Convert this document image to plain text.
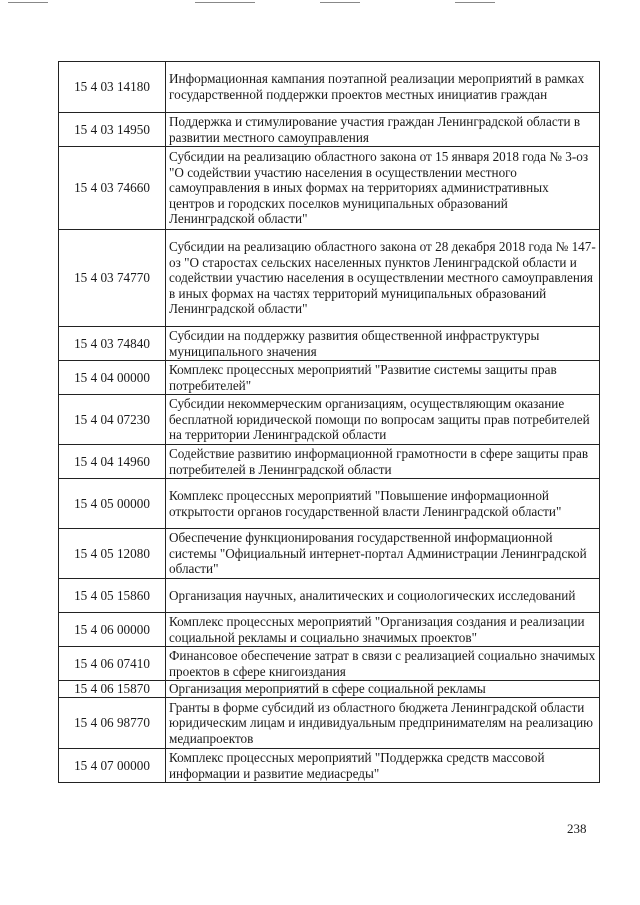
15 4 03 14180	Информационная кампания поэтапной реализации мероприятий в рамках государственной поддержки проектов местных инициатив граждан
15 4 03 14950	Поддержка и стимулирование участия граждан Ленинградской области в развитии местного самоуправления
15 4 03 74660	Субсидии на реализацию областного закона от 15 января 2018 года № 3-оз "О содействии участию населения в осуществлении местного самоуправления в иных формах на территориях административных центров и городских поселков муниципальных образований Ленинградской области"
15 4 03 74770	Субсидии на реализацию областного закона от 28 декабря 2018 года № 147-оз "О старостах сельских населенных пунктов Ленинградской области и содействии участию населения в осуществлении местного самоуправления в иных формах на частях территорий муниципальных образований Ленинградской области"
15 4 03 74840	Субсидии на поддержку развития общественной инфраструктуры муниципального значения
15 4 04 00000	Комплекс процессных мероприятий "Развитие системы защиты прав потребителей"
15 4 04 07230	Субсидии некоммерческим организациям, осуществляющим оказание бесплатной юридической помощи по вопросам защиты прав потребителей на территории Ленинградской области
15 4 04 14960	Содействие развитию информационной грамотности в сфере защиты прав потребителей в Ленинградской области
15 4 05 00000	Комплекс процессных мероприятий "Повышение информационной открытости органов государственной власти Ленинградской области"
15 4 05 12080	Обеспечение функционирования государственной информационной системы "Официальный интернет-портал Администрации Ленинградской области"
15 4 05 15860	Организация научных, аналитических и социологических исследований
15 4 06 00000	Комплекс процессных мероприятий "Организация создания и реализации социальной рекламы и социально значимых проектов"
15 4 06 07410	Финансовое обеспечение затрат в связи с реализацией социально значимых проектов в сфере книгоиздания
15 4 06 15870	Организация мероприятий в сфере социальной рекламы
15 4 06 98770	Гранты в форме субсидий из областного бюджета Ленинградской области юридическим лицам и индивидуальным предпринимателям на реализацию медиапроектов
15 4 07 00000	Комплекс процессных мероприятий "Поддержка средств массовой информации и развитие медиасреды"
238
